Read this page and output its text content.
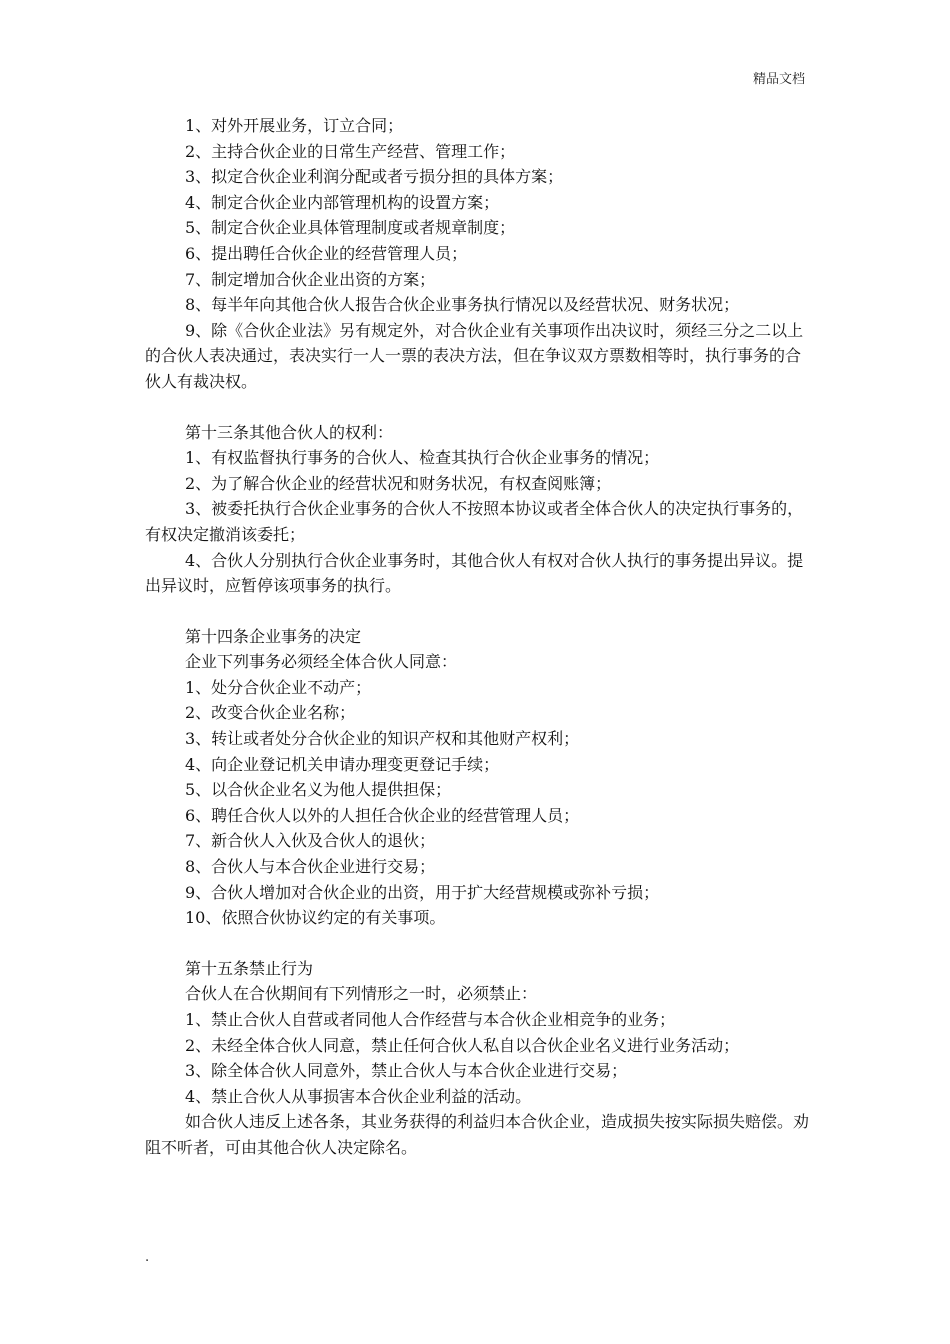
精品文档

1、对外开展业务，订立合同；

2、主持合伙企业的日常生产经营、管理工作；

3、拟定合伙企业利润分配或者亏损分担的具体方案；

4、制定合伙企业内部管理机构的设置方案；

5、制定合伙企业具体管理制度或者规章制度；

6、提出聘任合伙企业的经营管理人员；

7、制定增加合伙企业出资的方案；

8、每半年向其他合伙人报告合伙企业事务执行情况以及经营状况、财务状况；

9、除《合伙企业法》另有规定外，对合伙企业有关事项作出决议时，须经三分之二以上的合伙人表决通过，表决实行一人一票的表决方法，但在争议双方票数相等时，执行事务的合伙人有裁决权。

第十三条其他合伙人的权利：

1、有权监督执行事务的合伙人、检查其执行合伙企业事务的情况；

2、为了解合伙企业的经营状况和财务状况，有权查阅账簿；

3、被委托执行合伙企业事务的合伙人不按照本协议或者全体合伙人的决定执行事务的，有权决定撤消该委托；

4、合伙人分别执行合伙企业事务时，其他合伙人有权对合伙人执行的事务提出异议。提出异议时，应暂停该项事务的执行。

第十四条企业事务的决定

企业下列事务必须经全体合伙人同意：

1、处分合伙企业不动产；

2、改变合伙企业名称；

3、转让或者处分合伙企业的知识产权和其他财产权利；

4、向企业登记机关申请办理变更登记手续；

5、以合伙企业名义为他人提供担保；

6、聘任合伙人以外的人担任合伙企业的经营管理人员；

7、新合伙人入伙及合伙人的退伙；

8、合伙人与本合伙企业进行交易；

9、合伙人增加对合伙企业的出资，用于扩大经营规模或弥补亏损；

10、依照合伙协议约定的有关事项。

第十五条禁止行为

合伙人在合伙期间有下列情形之一时，必须禁止：

1、禁止合伙人自营或者同他人合作经营与本合伙企业相竞争的业务；

2、未经全体合伙人同意，禁止任何合伙人私自以合伙企业名义进行业务活动；

3、除全体合伙人同意外，禁止合伙人与本合伙企业进行交易；

4、禁止合伙人从事损害本合伙企业利益的活动。

如合伙人违反上述各条，其业务获得的利益归本合伙企业，造成损失按实际损失赔偿。劝阻不听者，可由其他合伙人决定除名。

.
